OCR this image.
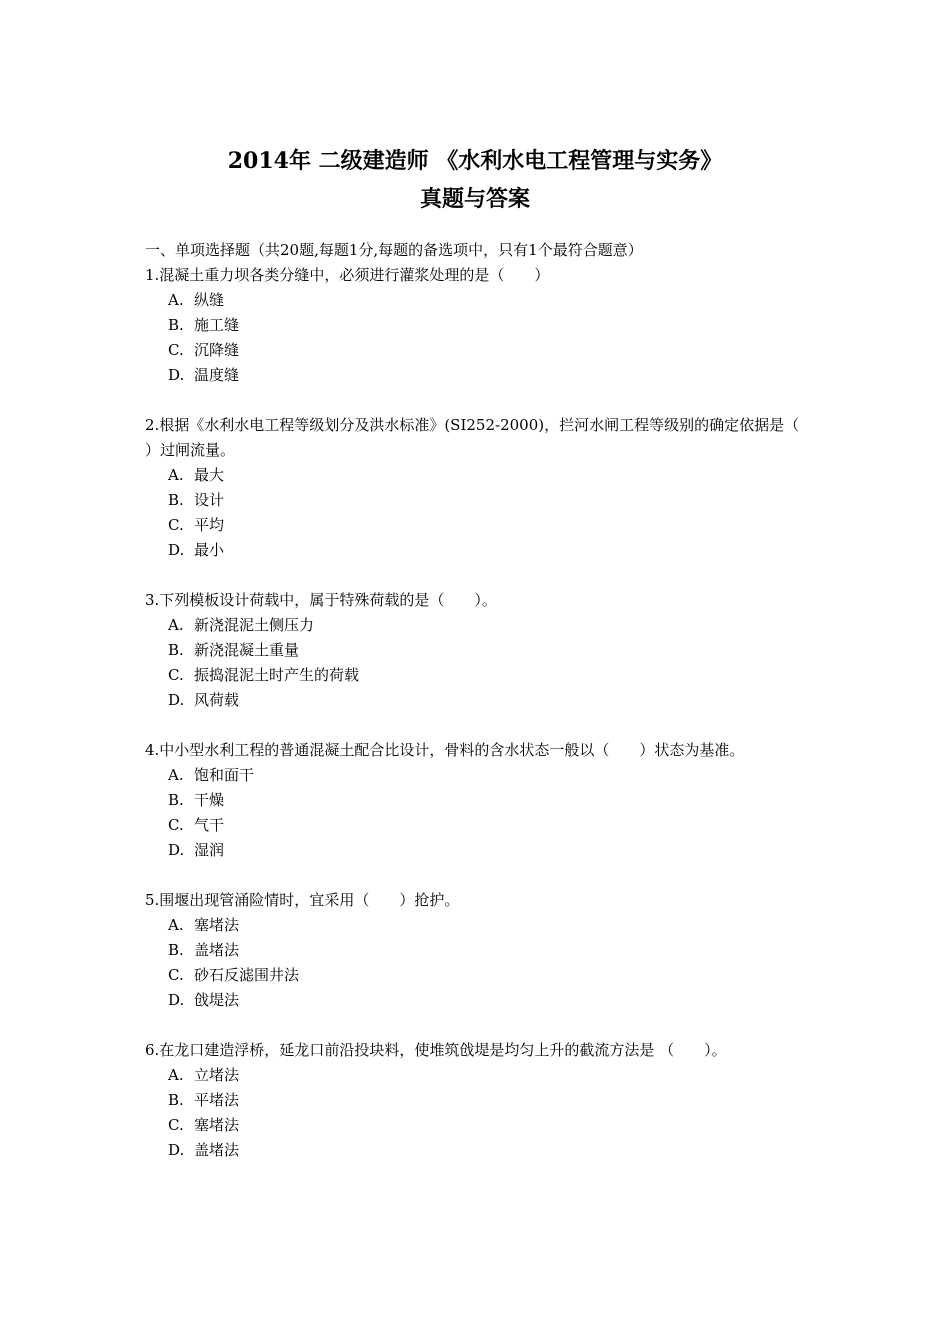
2014年 二级建造师 《水利水电工程管理与实务》
真题与答案

一、单项选择题（共20题,每题1分,每题的备选项中，只有1个最符合题意）

1.混凝土重力坝各类分缝中，必须进行灌浆处理的是（　　）

A. 纵缝
B. 施工缝
C. 沉降缝
D. 温度缝

2.根据《水利水电工程等级划分及洪水标准》(SI252-2000)，拦河水闸工程等级别的确定依据是（　　）过闸流量。

A. 最大
B. 设计
C. 平均
D. 最小

3.下列模板设计荷载中，属于特殊荷载的是（　　）。

A. 新浇混泥土侧压力
B. 新浇混凝土重量
C. 振捣混泥土时产生的荷载
D. 风荷载

4.中小型水利工程的普通混凝土配合比设计，骨料的含水状态一般以（　　）状态为基准。

A. 饱和面干
B. 干燥
C. 气干
D. 湿润

5.围堰出现管涌险情时，宜采用（　　）抢护。

A. 塞堵法
B. 盖堵法
C. 砂石反滤围井法
D. 戗堤法

6.在龙口建造浮桥，延龙口前沿投块料，使堆筑戗堤是均匀上升的截流方法是 （　　）。

A. 立堵法
B. 平堵法
C. 塞堵法
D. 盖堵法
